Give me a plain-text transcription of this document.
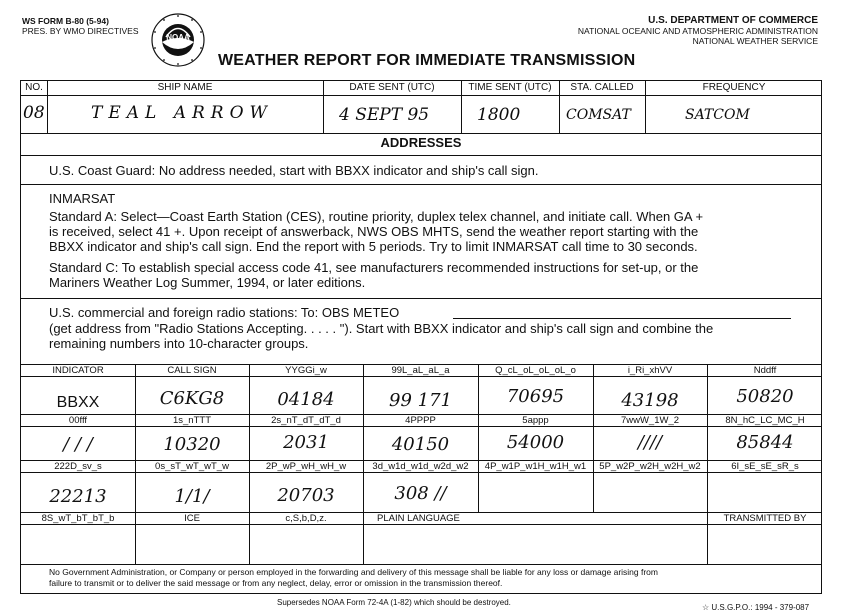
WS FORM B-80 (5-94)
PRES. BY WMO DIRECTIVES
NOAA
U.S. DEPARTMENT OF COMMERCE
NATIONAL OCEANIC AND ATMOSPHERIC ADMINISTRATION
NATIONAL WEATHER SERVICE
WEATHER REPORT FOR IMMEDIATE TRANSMISSION
NO.	SHIP NAME	DATE SENT (UTC)	TIME SENT (UTC)	STA. CALLED	FREQUENCY
08	TEAL ARROW	4 SEPT 95	1800	COMSAT	SATCOM
ADDRESSES
U.S. Coast Guard: No address needed, start with BBXX indicator and ship's call sign.
INMARSAT
Standard A: Select—Coast Earth Station (CES), routine priority, duplex telex channel, and initiate call. When GA +
is received, select 41 +. Upon receipt of answerback, NWS OBS MHTS, send the weather report starting with the
BBXX indicator and ship's call sign. End the report with 5 periods. Try to limit INMARSAT call time to 30 seconds.
Standard C: To establish special access code 41, see manufacturers recommended instructions for set-up, or the
Mariners Weather Log Summer, 1994, or later editions.
U.S. commercial and foreign radio stations: To: OBS METEO
(get address from "Radio Stations Accepting. . . . . "). Start with BBXX indicator and ship's call sign and combine the
remaining numbers into 10-character groups.
INDICATOR	CALL SIGN	YYGGi_w	99L_aL_aL_a	Q_cL_oL_oL_oL_o	i_Ri_xhVV	Nddff
BBXX	C6KG8	04184	99 171	70695	43198	50820
00fff	1s_nTTT	2s_nT_dT_dT_d	4PPPP	5appp	7wwW_1W_2	8N_hC_LC_MC_H
/ / /	10320	2031	40150	54000	////	85844
222D_sv_s	0s_sT_wT_wT_w	2P_wP_wH_wH_w	3d_w1d_w1d_w2d_w2	4P_w1P_w1H_w1H_w1	5P_w2P_w2H_w2H_w2	6I_sE_sE_sR_s
22213	1/1/	20703	308 //
8S_wT_bT_bT_b	ICE	c,S,b,D,z.	PLAIN LANGUAGE	TRANSMITTED BY
No Government Administration, or Company or person employed in the forwarding and delivery of this message shall be liable for any loss or damage arising from
failure to transmit or to deliver the said message or from any neglect, delay, error or omission in the transmission thereof.
Supersedes NOAA Form 72-4A (1-82) which should be destroyed.
☆ U.S.G.P.O.: 1994 - 379-087
